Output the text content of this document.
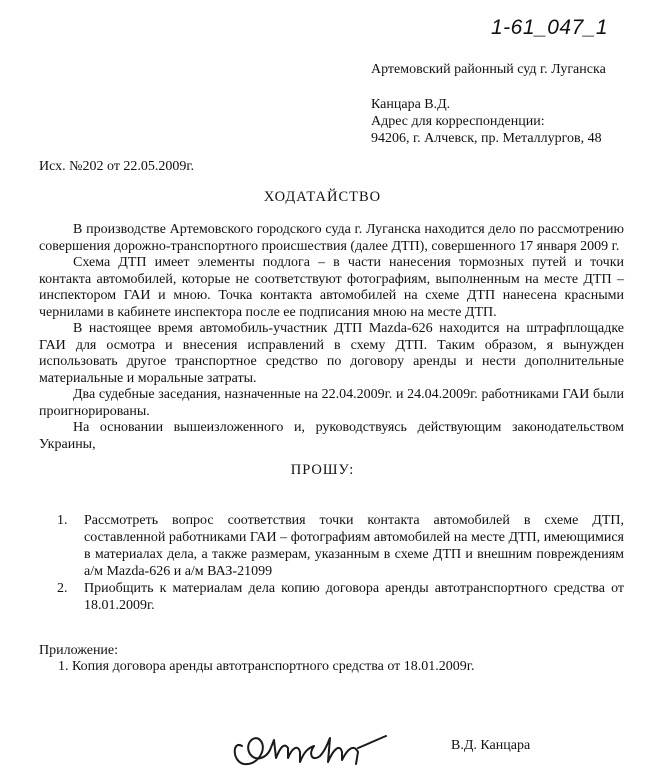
1-61_047_1
Артемовский районный суд г. Луганска
Канцара В.Д.
Адрес для корреспонденции:
94206, г. Алчевск, пр. Металлургов, 48
Исх. №202 от 22.05.2009г.
ХОДАТАЙСТВО

В производстве Артемовского городского суда г. Луганска находится дело по рассмотрению совершения дорожно-транспортного происшествия (далее ДТП), совершенного 17 января 2009 г.

Схема ДТП имеет элементы подлога – в части нанесения тормозных путей и точки контакта автомобилей, которые не соответствуют фотографиям, выполненным на месте ДТП – инспектором ГАИ и мною. Точка контакта автомобилей на схеме ДТП нанесена красными чернилами в кабинете инспектора после ее подписания мною на месте ДТП.

В настоящее время автомобиль-участник ДТП Mazda-626 находится на штрафплощадке ГАИ для осмотра и внесения исправлений в схему ДТП. Таким образом, я вынужден использовать другое транспортное средство по договору аренды и нести дополнительные материальные и моральные затраты.

Два судебные заседания, назначенные на 22.04.2009г. и 24.04.2009г. работниками ГАИ были проигнорированы.

На основании вышеизложенного и, руководствуясь действующим законодательством Украины,

ПРОШУ:
1. Рассмотреть вопрос соответствия точки контакта автомобилей в схеме ДТП, составленной работниками ГАИ – фотографиям автомобилей на месте ДТП, имеющимися в материалах дела, а также размерам, указанным в схеме ДТП и внешним повреждениям а/м Mazda-626 и а/м ВАЗ-21099
2. Приобщить к материалам дела копию договора аренды автотранспортного средства от 18.01.2009г.
Приложение:
1. Копия договора аренды автотранспортного средства от 18.01.2009г.
В.Д. Канцара
